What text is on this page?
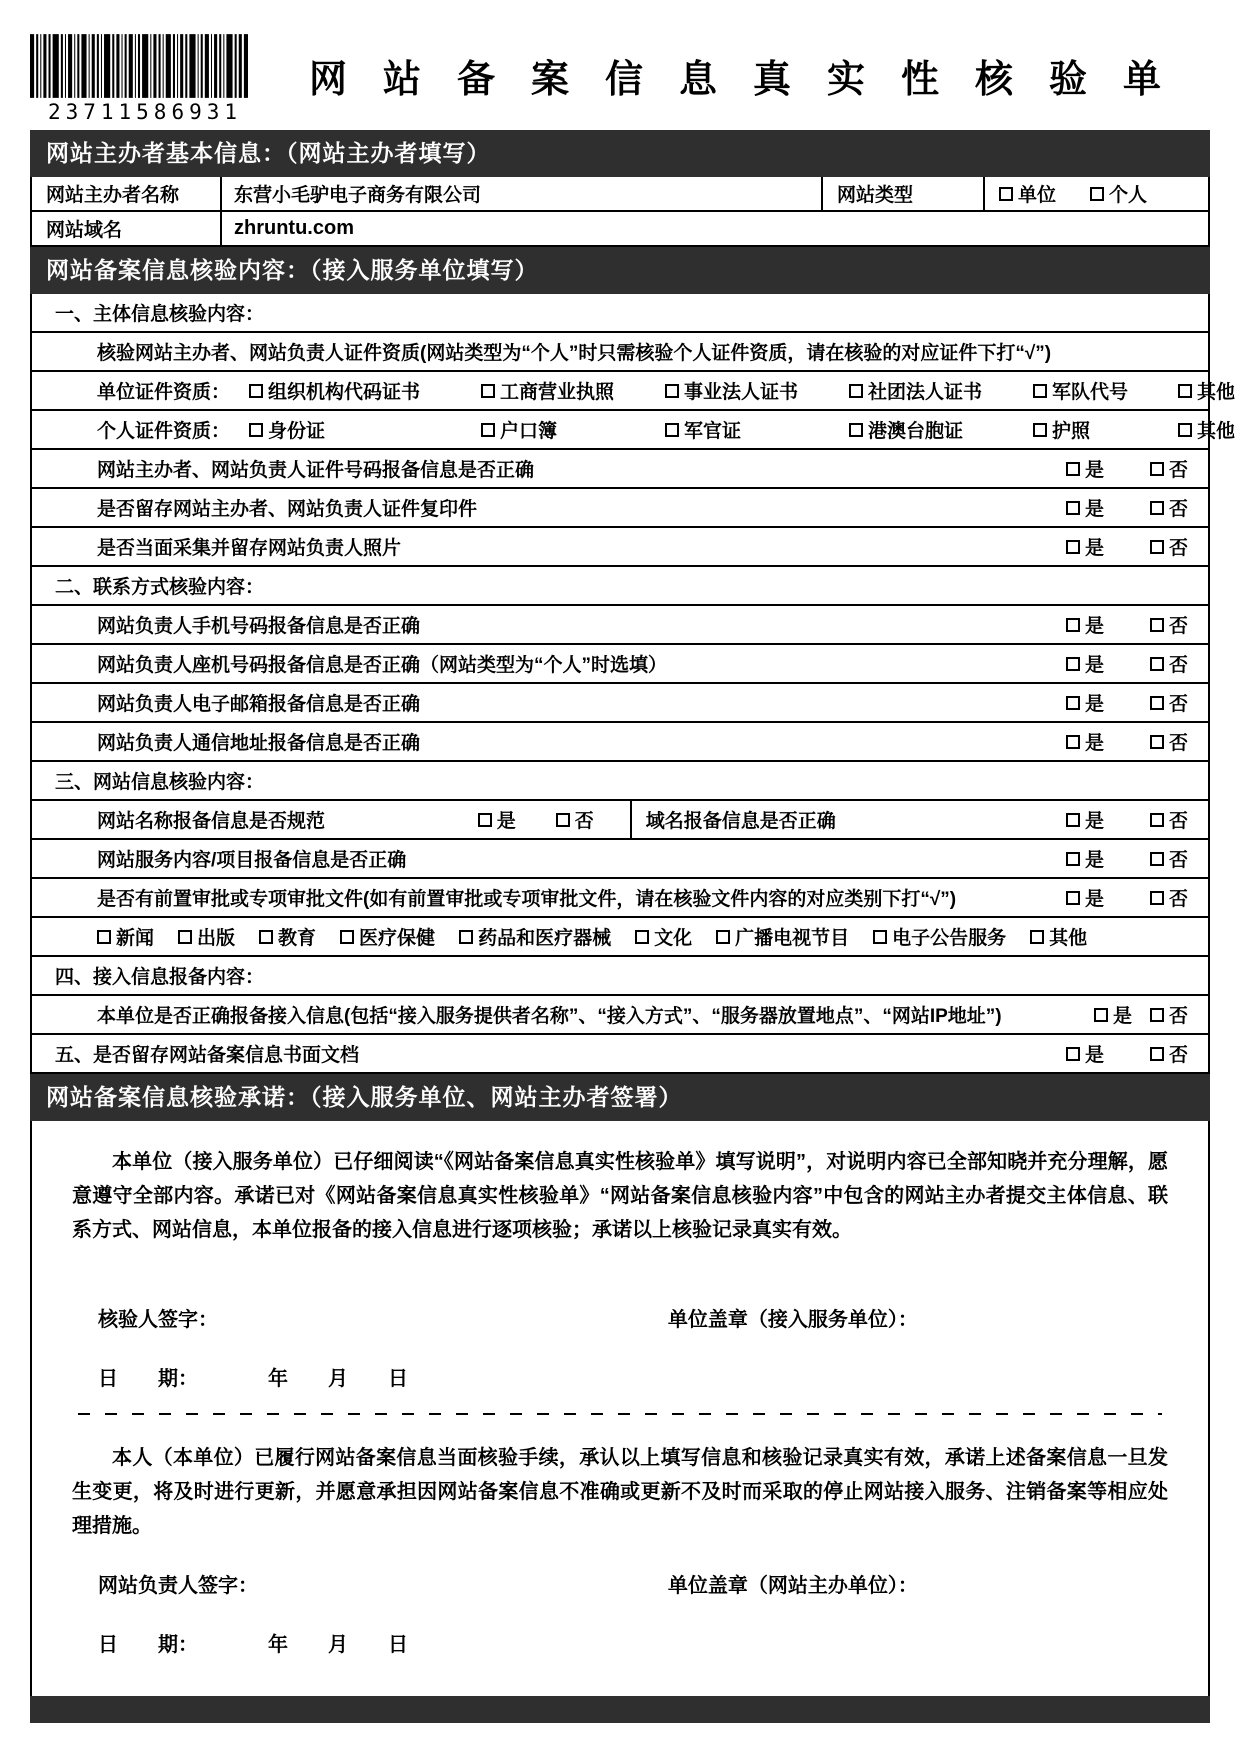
23711586931
网站备案信息真实性核验单
网站主办者基本信息：（网站主办者填写）
网站主办者名称	东营小毛驴电子商务有限公司	网站类型	单位	个人
网站域名	zhruntu.com
网站备案信息核验内容：（接入服务单位填写）
一、主体信息核验内容：
核验网站主办者、网站负责人证件资质(网站类型为“个人”时只需核验个人证件资质，请在核验的对应证件下打“√”)
单位证件资质：	组织机构代码证书	工商营业执照	事业法人证书	社团法人证书	军队代号	其他
个人证件资质：	身份证	户口簿	军官证	港澳台胞证	护照	其他
网站主办者、网站负责人证件号码报备信息是否正确	是	否
是否留存网站主办者、网站负责人证件复印件	是	否
是否当面采集并留存网站负责人照片	是	否
二、联系方式核验内容：
网站负责人手机号码报备信息是否正确	是	否
网站负责人座机号码报备信息是否正确（网站类型为“个人”时选填）	是	否
网站负责人电子邮箱报备信息是否正确	是	否
网站负责人通信地址报备信息是否正确	是	否
三、网站信息核验内容：
网站名称报备信息是否规范	是	否	域名报备信息是否正确	是	否
网站服务内容/项目报备信息是否正确	是	否
是否有前置审批或专项审批文件(如有前置审批或专项审批文件，请在核验文件内容的对应类别下打“√”)	是	否
新闻 出版 教育 医疗保健 药品和医疗器械 文化 广播电视节目 电子公告服务 其他
四、接入信息报备内容：
本单位是否正确报备接入信息(包括“接入服务提供者名称”、“接入方式”、“服务器放置地点”、“网站IP地址”)	是 否
五、是否留存网站备案信息书面文档	是	否
网站备案信息核验承诺：（接入服务单位、网站主办者签署）

本单位（接入服务单位）已仔细阅读“《网站备案信息真实性核验单》填写说明”，对说明内容已全部知晓并充分理解，愿意遵守全部内容。承诺已对《网站备案信息真实性核验单》“网站备案信息核验内容”中包含的网站主办者提交主体信息、联系方式、网站信息，本单位报备的接入信息进行逐项核验；承诺以上核验记录真实有效。

核验人签字：	单位盖章（接入服务单位）：
日　　期：	年　　月　　日

本人（本单位）已履行网站备案信息当面核验手续，承认以上填写信息和核验记录真实有效，承诺上述备案信息一旦发生变更，将及时进行更新，并愿意承担因网站备案信息不准确或更新不及时而采取的停止网站接入服务、注销备案等相应处理措施。

网站负责人签字：	单位盖章（网站主办单位）：
日　　期：	年　　月　　日
